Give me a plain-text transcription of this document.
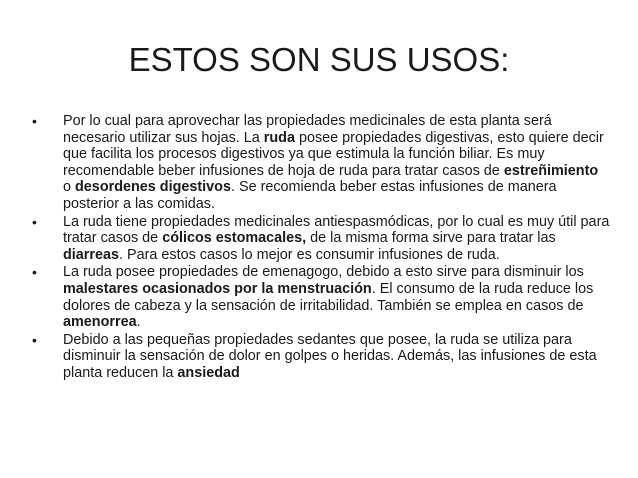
ESTOS SON SUS USOS:
• Por lo cual para aprovechar las propiedades medicinales de esta planta será necesario utilizar sus hojas. La ruda posee propiedades digestivas, esto quiere decir que facilita los procesos digestivos ya que estimula la función biliar. Es muy recomendable beber infusiones de hoja de ruda para tratar casos de estreñimiento o desordenes digestivos. Se recomienda beber estas infusiones de manera posterior a las comidas.
• La ruda tiene propiedades medicinales antiespasmódicas, por lo cual es muy útil para tratar casos de cólicos estomacales, de la misma forma sirve para tratar las diarreas. Para estos casos lo mejor es consumir infusiones de ruda.
• La ruda posee propiedades de emenagogo, debido a esto sirve para disminuir los malestares ocasionados por la menstruación. El consumo de la ruda reduce los dolores de cabeza y la sensación de irritabilidad. También se emplea en casos de amenorrea.
• Debido a las pequeñas propiedades sedantes que posee, la ruda se utiliza para disminuir la sensación de dolor en golpes o heridas. Además, las infusiones de esta planta reducen la ansiedad
